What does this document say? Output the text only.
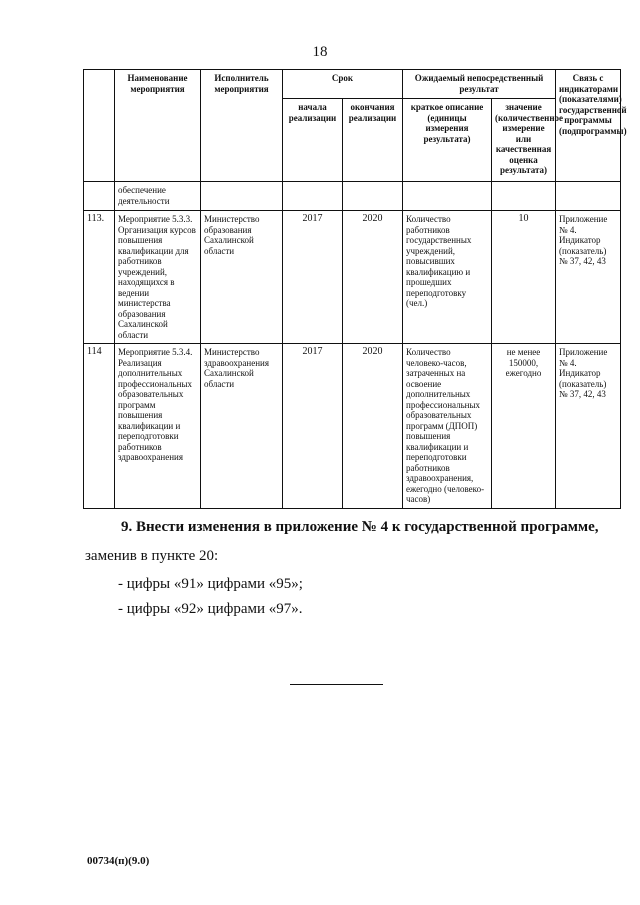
18
	Наименование мероприятия	Исполнитель мероприятия	Срок		Ожидаемый непосредственный результат		Связь с индикаторами (показателями) государственной программы (подпрограммы)
			начала реализации	окончания реализации	краткое описание (единицы измерения результата)	значение (количественное измерение или качественная оценка результата)	
	обеспечение деятельности						
113.	Мероприятие 5.3.3. Организация курсов повышения квалификации для работников учреждений, находящихся в ведении министерства образования Сахалинской области	Министерство образования Сахалинской области	2017	2020	Количество работников государственных учреждений, повысивших квалификацию и прошедших переподготовку (чел.)	10	Приложение № 4. Индикатор (показатель) № 37, 42, 43
114	Мероприятие 5.3.4. Реализация дополнительных профессиональных образовательных программ повышения квалификации и переподготовки работников здравоохранения	Министерство здравоохранения Сахалинской области	2017	2020	Количество человеко-часов, затраченных на освоение дополнительных профессиональных образовательных программ (ДПОП) повышения квалификации и переподготовки работников здравоохранения, ежегодно (человеко-часов)	не менее 150000, ежегодно	Приложение № 4. Индикатор (показатель) № 37, 42, 43
9. Внести изменения в приложение № 4 к государственной программе,
заменив в пункте 20:
- цифры «91» цифрами «95»;
- цифры «92» цифрами «97».
00734(п)(9.0)
